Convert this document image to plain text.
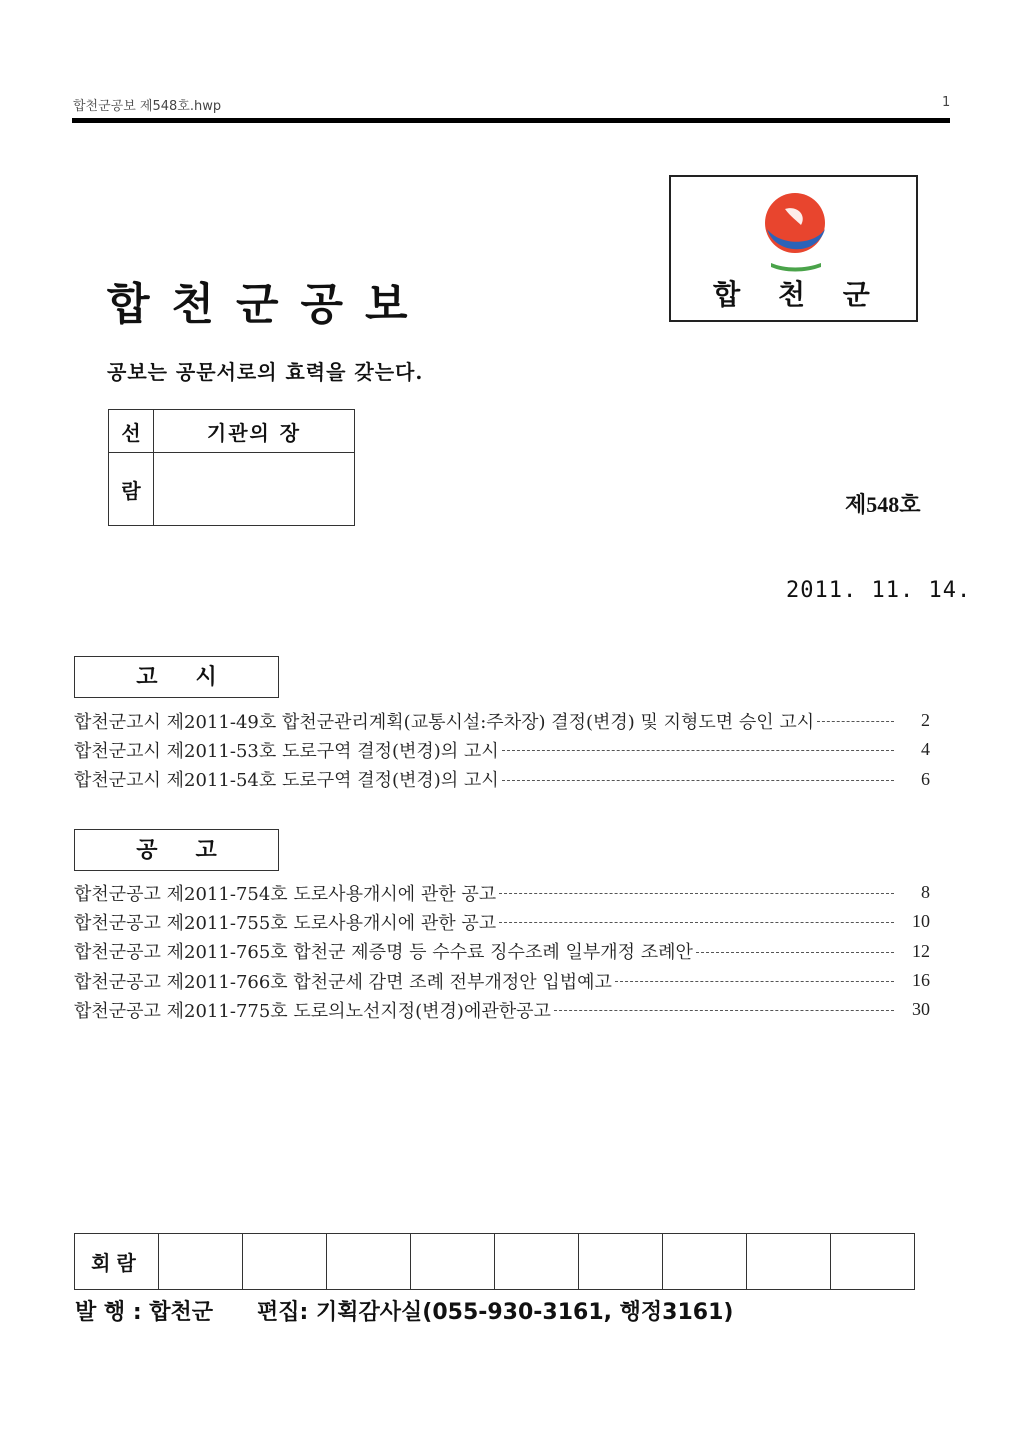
합천군공보 제548호.hwp	1
합 천 군
합천군공보
공보는 공문서로의 효력을 갖는다.
선	기관의 장
람	
제548호
2011. 11. 14.
고시
합천군고시 제2011-49호 합천군관리계획(교통시설:주차장) 결정(변경) 및 지형도면 승인 고시	2
합천군고시 제2011-53호 도로구역 결정(변경)의 고시	4
합천군고시 제2011-54호 도로구역 결정(변경)의 고시	6
공고
합천군공고 제2011-754호 도로사용개시에 관한 공고	8
합천군공고 제2011-755호 도로사용개시에 관한 공고	10
합천군공고 제2011-765호 합천군 제증명 등 수수료 징수조례 일부개정 조례안	12
합천군공고 제2011-766호 합천군세 감면 조례 전부개정안 입법예고	16
합천군공고 제2011-775호 도로의노선지정(변경)에관한공고	30
회람									
발 행 : 합천군 편집: 기획감사실(055-930-3161, 행정3161)
